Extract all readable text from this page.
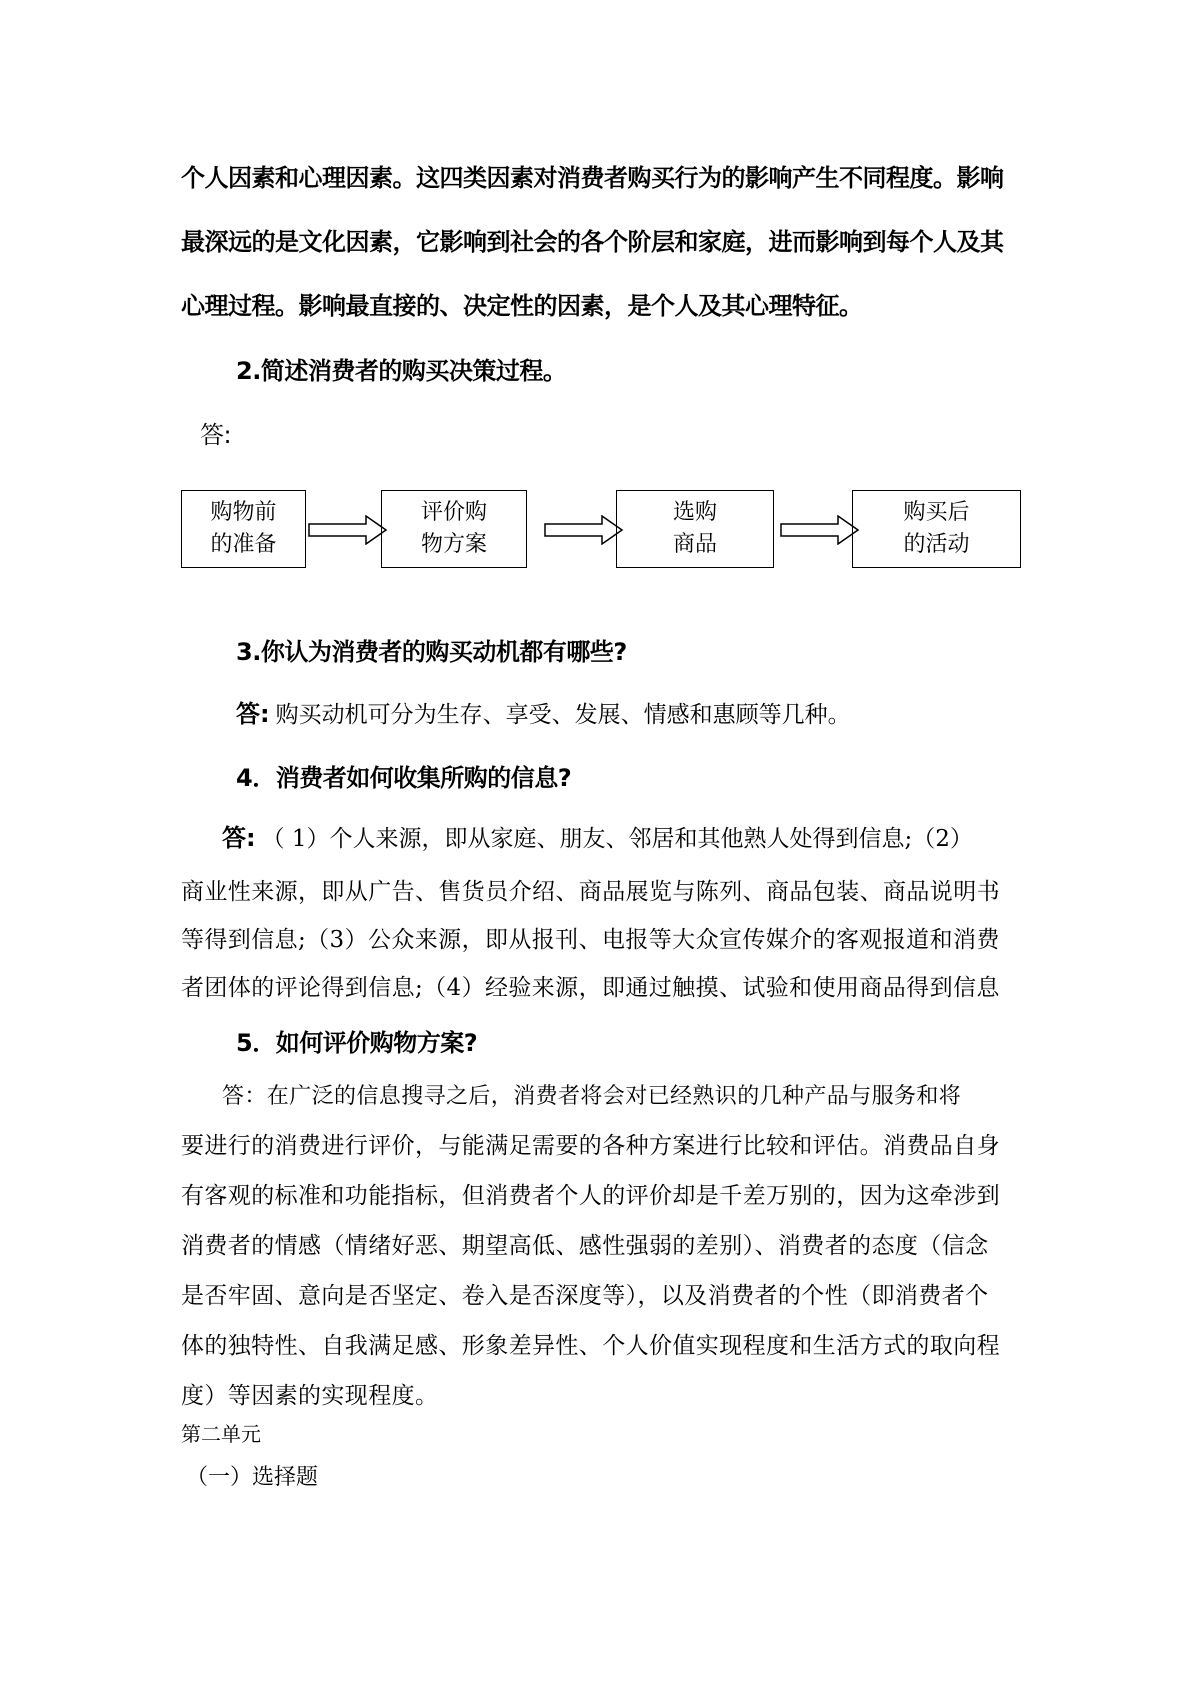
个人因素和心理因素。这四类因素对消费者购买行为的影响产生不同程度。影响
最深远的是文化因素，它影响到社会的各个阶层和家庭，进而影响到每个人及其
心理过程。影响最直接的、决定性的因素，是个人及其心理特征。
2.简述消费者的购买决策过程。
答:
购物前
的准备
评价购
物方案
选购
商品
购买后
的活动
3.你认为消费者的购买动机都有哪些?
答: 购买动机可分为生存、享受、发展、情感和惠顾等几种。
4．消费者如何收集所购的信息?
答: （ 1）个人来源，即从家庭、朋友、邻居和其他熟人处得到信息;（2）
商业性来源，即从广告、售货员介绍、商品展览与陈列、商品包装、商品说明书
等得到信息;（3）公众来源，即从报刊、电报等大众宣传媒介的客观报道和消费
者团体的评论得到信息;（4）经验来源，即通过触摸、试验和使用商品得到信息
5．如何评价购物方案?
答：在广泛的信息搜寻之后，消费者将会对已经熟识的几种产品与服务和将
要进行的消费进行评价，与能满足需要的各种方案进行比较和评估。消费品自身
有客观的标准和功能指标，但消费者个人的评价却是千差万别的，因为这牵涉到
消费者的情感（情绪好恶、期望高低、感性强弱的差别）、消费者的态度（信念
是否牢固、意向是否坚定、卷入是否深度等），以及消费者的个性（即消费者个
体的独特性、自我满足感、形象差异性、个人价值实现程度和生活方式的取向程
度）等因素的实现程度。
第二单元
（一）选择题
